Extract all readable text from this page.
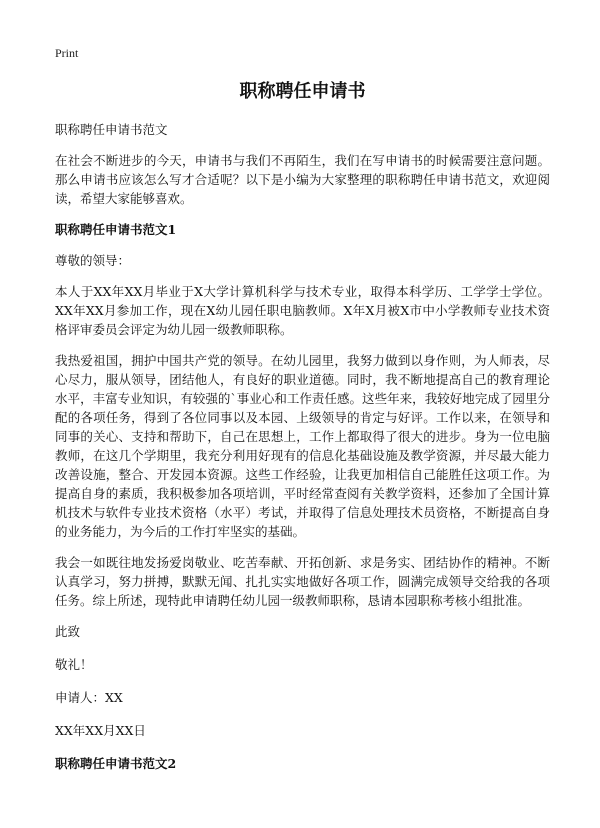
Print
职称聘任申请书

职称聘任申请书范文

在社会不断进步的今天，申请书与我们不再陌生，我们在写申请书的时候需要注意问题。那么申请书应该怎么写才合适呢？以下是小编为大家整理的职称聘任申请书范文，欢迎阅读，希望大家能够喜欢。

职称聘任申请书范文1

尊敬的领导：

本人于XX年XX月毕业于X大学计算机科学与技术专业，取得本科学历、工学学士学位。XX年XX月参加工作，现在X幼儿园任职电脑教师。X年X月被X市中小学教师专业技术资格评审委员会评定为幼儿园一级教师职称。

我热爱祖国，拥护中国共产党的领导。在幼儿园里，我努力做到以身作则，为人师表，尽心尽力，服从领导，团结他人，有良好的职业道德。同时，我不断地提高自己的教育理论水平，丰富专业知识，有较强的`事业心和工作责任感。这些年来，我较好地完成了园里分配的各项任务，得到了各位同事以及本园、上级领导的肯定与好评。工作以来，在领导和同事的关心、支持和帮助下，自己在思想上，工作上都取得了很大的进步。身为一位电脑教师，在这几个学期里，我充分利用好现有的信息化基础设施及教学资源，并尽最大能力改善设施，整合、开发园本资源。这些工作经验，让我更加相信自己能胜任这项工作。为提高自身的素质，我积极参加各项培训，平时经常查阅有关教学资料，还参加了全国计算机技术与软件专业技术资格（水平）考试，并取得了信息处理技术员资格，不断提高自身的业务能力，为今后的工作打牢坚实的基础。

我会一如既往地发扬爱岗敬业、吃苦奉献、开拓创新、求是务实、团结协作的精神。不断认真学习，努力拼搏，默默无闻、扎扎实实地做好各项工作，圆满完成领导交给我的各项任务。综上所述，现特此申请聘任幼儿园一级教师职称，恳请本园职称考核小组批准。

此致

敬礼！

申请人：XX

XX年XX月XX日

职称聘任申请书范文2
